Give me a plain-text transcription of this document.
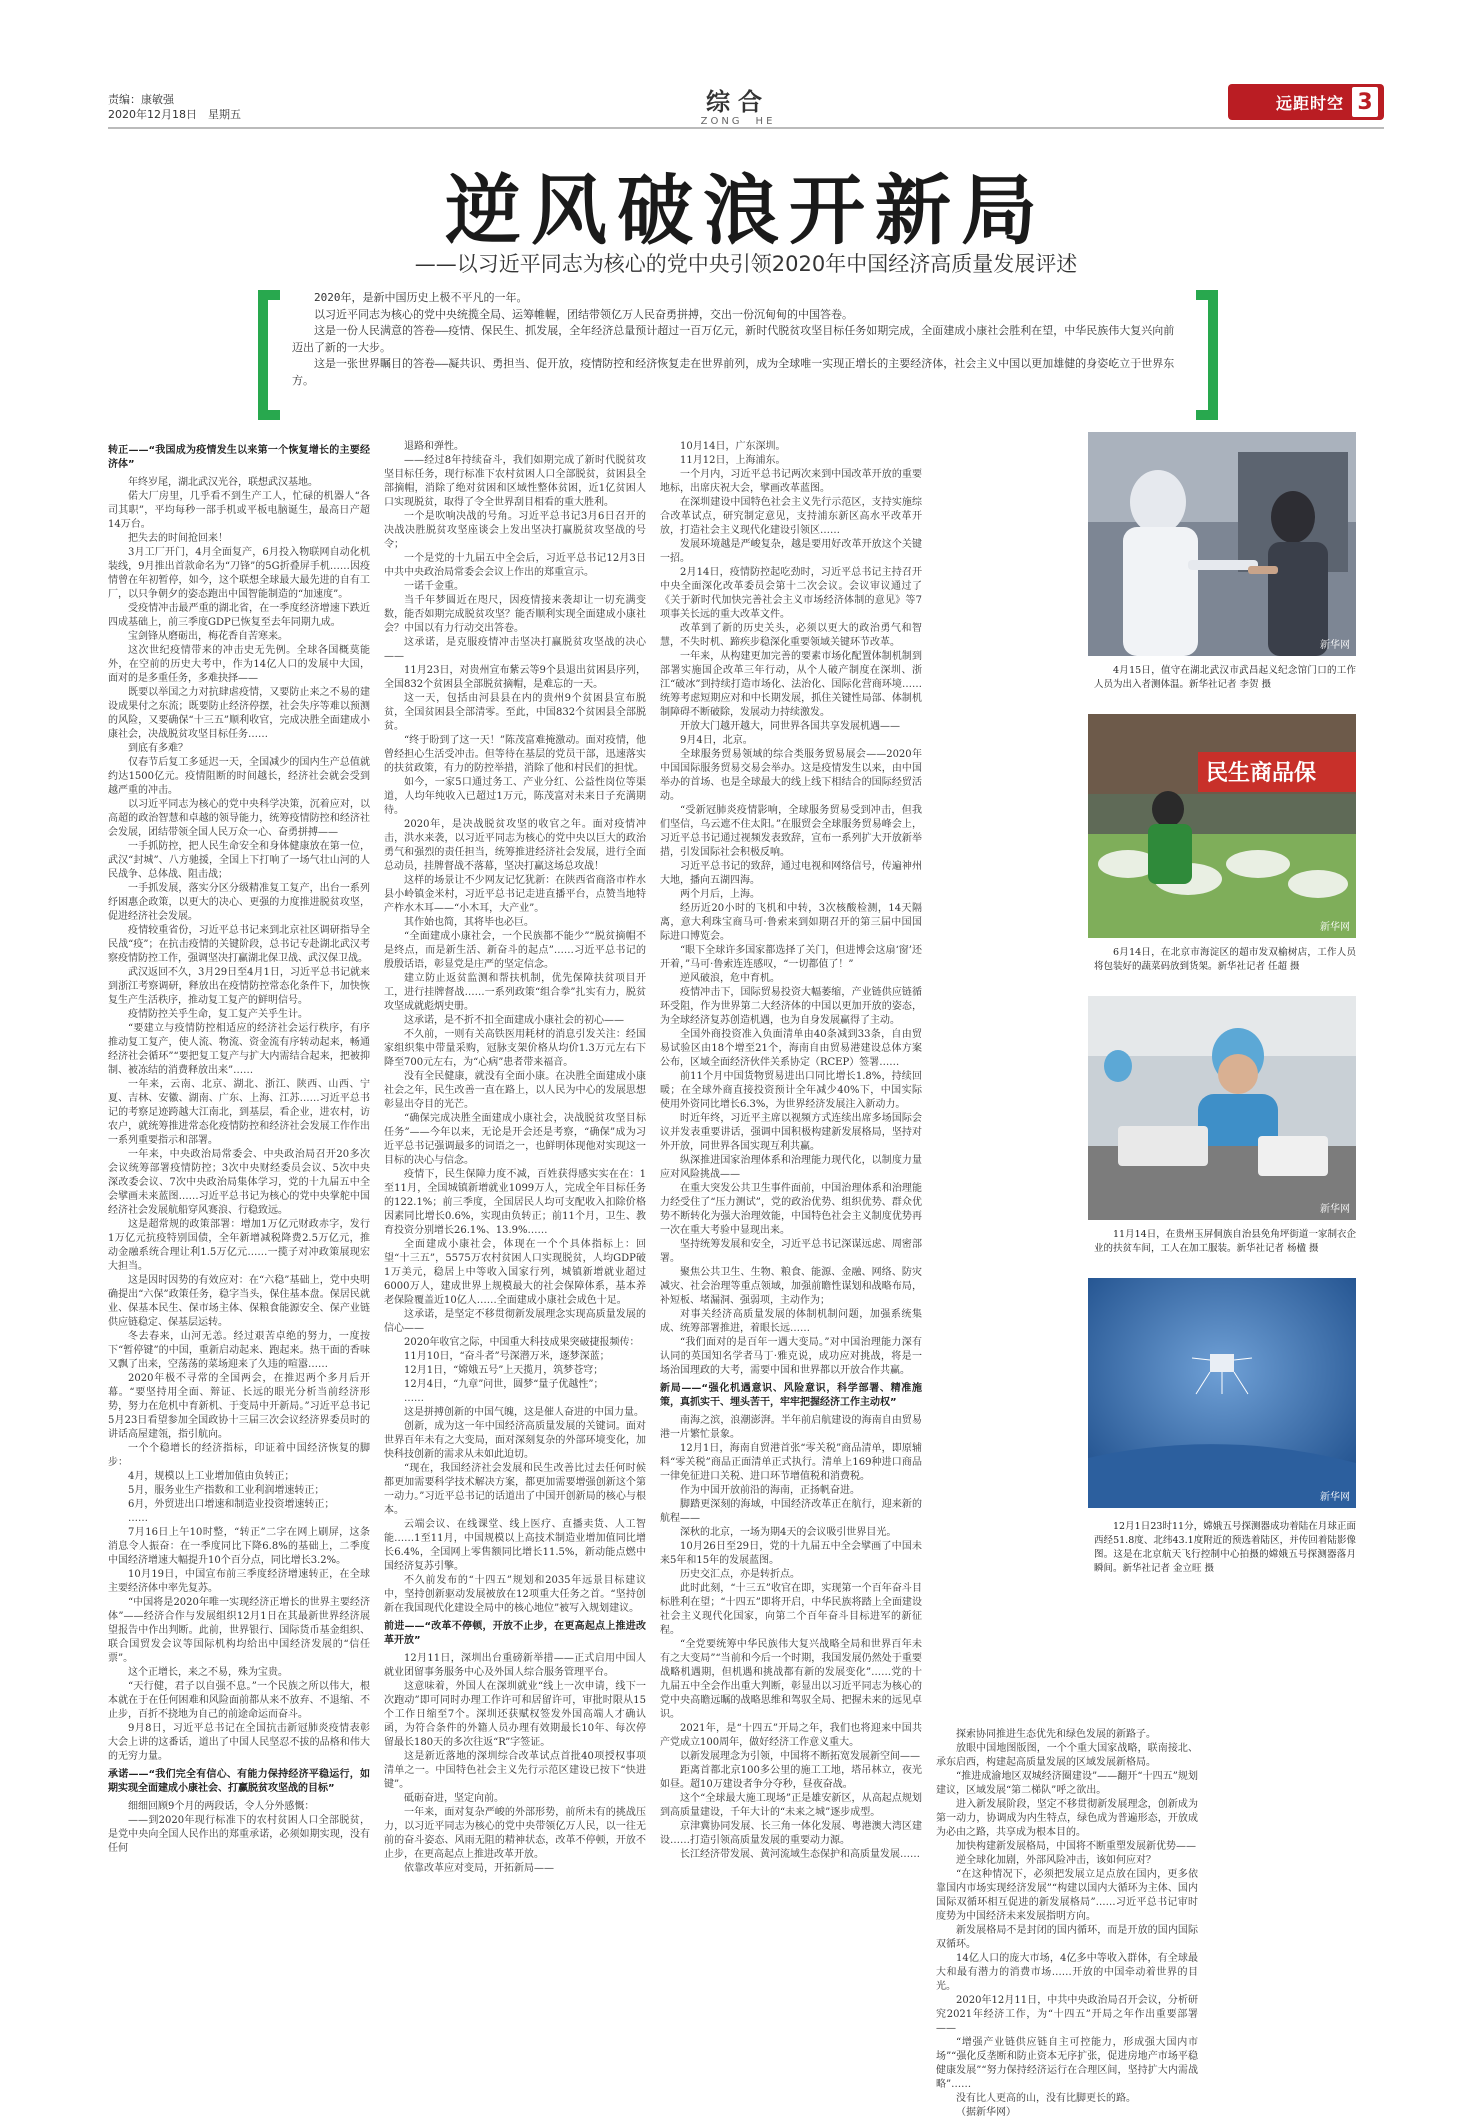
责编：康敏强
2020年12月18日　星期五	综合
ZONG　HE
远距时空 3
逆风破浪开新局
——以习近平同志为核心的党中央引领2020年中国经济高质量发展评述

2020年，是新中国历史上极不平凡的一年。

以习近平同志为核心的党中央统揽全局、运筹帷幄，团结带领亿万人民奋勇拼搏，交出一份沉甸甸的中国答卷。

这是一份人民满意的答卷——疫情、保民生、抓发展，全年经济总量预计超过一百万亿元，新时代脱贫攻坚目标任务如期完成，全面建成小康社会胜利在望，中华民族伟大复兴向前迈出了新的一大步。

这是一张世界瞩目的答卷——凝共识、勇担当、促开放，疫情防控和经济恢复走在世界前列，成为全球唯一实现正增长的主要经济体，社会主义中国以更加雄健的身姿屹立于世界东方。

转正——“我国成为疫情发生以来第一个恢复增长的主要经济体”

年终岁尾，湖北武汉光谷，联想武汉基地。

偌大厂房里，几乎看不到生产工人，忙碌的机器人“各司其职”，平均每秒一部手机或平板电脑诞生，最高日产超14万台。

把失去的时间抢回来！

3月工厂开门，4月全面复产，6月投入物联网自动化机装线，9月推出首款命名为“刀锋”的5G折叠屏手机……因疫情曾在年初暂停，如今，这个联想全球最大最先进的自有工厂，以只争朝夕的姿态跑出中国智能制造的“加速度”。

受疫情冲击最严重的湖北省，在一季度经济增速下跌近四成基础上，前三季度GDP已恢复至去年同期九成。

宝剑锋从磨砺出，梅花香自苦寒来。

这次世纪疫情带来的冲击史无先例。全球各国概莫能外，在空前的历史大考中，作为14亿人口的发展中大国，面对的是多重任务，多难抉择——

既要以举国之力对抗肆虐疫情，又要防止来之不易的建设成果付之东流；既要防止经济停摆，社会失序等难以预测的风险，又要确保“十三五”顺利收官，完成决胜全面建成小康社会，决战脱贫攻坚目标任务……

到底有多难？

仅春节后复工多延迟一天，全国减少的国内生产总值就约达1500亿元。疫情阻断的时间越长，经济社会就会受到越严重的冲击。

以习近平同志为核心的党中央科学决策，沉着应对，以高超的政治智慧和卓越的领导能力，统筹疫情防控和经济社会发展，团结带领全国人民万众一心、奋勇拼搏——

一手抓防控，把人民生命安全和身体健康放在第一位，武汉“封城”、八方驰援，全国上下打响了一场气壮山河的人民战争、总体战、阻击战；

一手抓发展，落实分区分级精准复工复产，出台一系列纾困惠企政策，以更大的决心、更强的力度推进脱贫攻坚，促进经济社会发展。

疫情较重省份，习近平总书记来到北京社区调研指导全民战“疫”；在抗击疫情的关键阶段，总书记专赴湖北武汉考察疫情防控工作，强调坚决打赢湖北保卫战、武汉保卫战。

武汉返回不久，3月29日至4月1日，习近平总书记就来到浙江考察调研，释放出在疫情防控常态化条件下，加快恢复生产生活秩序，推动复工复产的鲜明信号。

疫情防控关乎生命，复工复产关乎生计。

“要建立与疫情防控相适应的经济社会运行秩序，有序推动复工复产，使人流、物流、资金流有序转动起来，畅通经济社会循环”“要把复工复产与扩大内需结合起来，把被抑制、被冻结的消费释放出来”……

一年来，云南、北京、湖北、浙江、陕西、山西、宁夏、吉林、安徽、湖南、广东、上海、江苏……习近平总书记的考察足迹跨越大江南北，到基层，看企业，进农村，访农户，就统筹推进常态化疫情防控和经济社会发展工作作出一系列重要指示和部署。

一年来，中央政治局常委会、中央政治局召开20多次会议统筹部署疫情防控；3次中央财经委员会议、5次中央深改委会议、7次中央政治局集体学习，党的十九届五中全会擘画未来蓝图……习近平总书记为核心的党中央掌舵中国经济社会发展航船穿风赛浪、行稳致远。

这是超常规的政策部署：增加1万亿元财政赤字，发行1万亿元抗疫特别国债，全年新增减税降费2.5万亿元，推动金融系统合理让利1.5万亿元……一揽子对冲政策展现宏大担当。

这是因时因势的有效应对：在“六稳”基础上，党中央明确提出“六保”政策任务，稳字当头，保住基本盘。保居民就业、保基本民生、保市场主体、保粮食能源安全、保产业链供应链稳定、保基层运转。

冬去春来，山河无恙。经过艰苦卓绝的努力，一度按下“暂停键”的中国，重新启动起来、跑起来。热干面的香味又飘了出来，空荡荡的菜场迎来了久违的喧嚣……

2020年极不寻常的全国两会，在推迟两个多月后开幕。“要坚持用全面、辩证、长远的眼光分析当前经济形势，努力在危机中育新机、于变局中开新局。”习近平总书记5月23日看望参加全国政协十三届三次会议经济界委员时的讲话高屋建瓴，指引航向。

一个个稳增长的经济指标，印证着中国经济恢复的脚步：

4月，规模以上工业增加值由负转正；

5月，服务业生产指数和工业利润增速转正；

6月，外贸进出口增速和制造业投资增速转正；

……

7月16日上午10时整，“转正”二字在网上刷屏，这条消息令人振奋：在一季度同比下降6.8%的基础上，二季度中国经济增速大幅提升10个百分点，同比增长3.2%。

10月19日，中国宣布前三季度经济增速转正，在全球主要经济体中率先复苏。

“中国将是2020年唯一实现经济正增长的世界主要经济体”——经济合作与发展组织12月1日在其最新世界经济展望报告中作出判断。此前，世界银行、国际货币基金组织、联合国贸发会议等国际机构均给出中国经济发展的“信任票”。

这个正增长，来之不易，殊为宝贵。

“天行健，君子以自强不息。”一个民族之所以伟大，根本就在于在任何困难和风险面前都从来不放弃、不退缩、不止步，百折不挠地为自己的前途命运而奋斗。

9月8日，习近平总书记在全国抗击新冠肺炎疫情表彰大会上讲的这番话，道出了中国人民坚忍不拔的品格和伟大的无穷力量。

承诺——“我们完全有信心、有能力保持经济平稳运行，如期实现全面建成小康社会、打赢脱贫攻坚战的目标”

细细回顾9个月的两段话，令人分外感慨：

——到2020年现行标准下的农村贫困人口全部脱贫，是党中央向全国人民作出的郑重承诺，必须如期实现，没有任何

退路和弹性。

——经过8年持续奋斗，我们如期完成了新时代脱贫攻坚目标任务，现行标准下农村贫困人口全部脱贫，贫困县全部摘帽，消除了绝对贫困和区域性整体贫困，近1亿贫困人口实现脱贫，取得了令全世界刮目相看的重大胜利。

一个是吹响决战的号角。习近平总书记3月6日召开的决战决胜脱贫攻坚座谈会上发出坚决打赢脱贫攻坚战的号令；

一个是党的十九届五中全会后，习近平总书记12月3日中共中央政治局常委会会议上作出的郑重宣示。

一诺千金重。

当千年梦圆近在咫尺，因疫情接来袭却让一切充满变数，能否如期完成脱贫攻坚？能否顺利实现全面建成小康社会？中国以有力行动交出答卷。

这承诺，是克服疫情冲击坚决打赢脱贫攻坚战的决心——

11月23日，对贵州宣布紫云等9个县退出贫困县序列，全国832个贫困县全部脱贫摘帽，是难忘的一天。

这一天，包括由河县县在内的贵州9个贫困县宣布脱贫，全国贫困县全部清零。至此，中国832个贫困县全部脱贫。

“终于盼到了这一天！”陈茂富难掩激动。面对疫情，他曾经担心生活受冲击。但等待在基层的党员干部，迅速落实的扶贫政策，有力的防控举措，消除了他和村民们的担忧。

如今，一家5口通过务工、产业分红、公益性岗位等渠道，人均年纯收入已超过1万元，陈茂富对未来日子充满期待。

2020年，是决战脱贫攻坚的收官之年。面对疫情冲击，洪水来袭，以习近平同志为核心的党中央以巨大的政治勇气和强烈的责任担当，统筹推进经济社会发展，进行全面总动员，挂牌督战不落幕，坚决打赢这场总攻战！

这样的场景让不少网友记忆犹新：在陕西省商洛市柞水县小岭镇金米村，习近平总书记走进直播平台，点赞当地特产柞水木耳——“小木耳，大产业”。

其作始也简，其将毕也必巨。

“全面建成小康社会，一个民族都不能少”“脱贫摘帽不是终点，而是新生活、新奋斗的起点”……习近平总书记的殷殷话语，彰显党是庄严的坚定信念。

建立防止返贫监测和帮扶机制，优先保障扶贫项目开工，进行挂牌督战……一系列政策“组合拳”扎实有力，脱贫攻坚成就彪炳史册。

这承诺，是不折不扣全面建成小康社会的初心——

不久前，一则有关高铁医用耗材的消息引发关注：经国家组织集中带量采购，冠脉支架价格从均价1.3万元左右下降至700元左右，为“心病”患者带来福音。

没有全民健康，就没有全面小康。在决胜全面建成小康社会之年，民生改善一直在路上，以人民为中心的发展思想彰显出夺目的光芒。

“确保完成决胜全面建成小康社会，决战脱贫攻坚目标任务”——今年以来，无论是开会还是考察，“确保”成为习近平总书记强调最多的词语之一，也鲜明体现他对实现这一目标的决心与信念。

疫情下，民生保障力度不减，百姓获得感实实在在：1至11月，全国城镇新增就业1099万人，完成全年目标任务的122.1%；前三季度，全国居民人均可支配收入扣除价格因素同比增长0.6%，实现由负转正；前11个月，卫生、教育投资分别增长26.1%、13.9%……

全面建成小康社会，体现在一个个具体指标上：回望“十三五”，5575万农村贫困人口实现脱贫，人均GDP破1万美元，稳居上中等收入国家行列，城镇新增就业超过6000万人，建成世界上规模最大的社会保障体系，基本养老保险覆盖近10亿人……全面建成小康社会成色十足。

这承诺，是坚定不移贯彻新发展理念实现高质量发展的信心——

2020年收官之际，中国重大科技成果突破捷报频传：

11月10日，“奋斗者”号深潜万米，逐梦深蓝；

12月1日，“嫦娥五号”上天揽月，筑梦苍穹；

12月4日，“九章”问世，圆梦“量子优越性”；

……

这是拼搏创新的中国气魄，这是催人奋进的中国力量。

创新，成为这一年中国经济高质量发展的关键词。面对世界百年未有之大变局，面对深刻复杂的外部环境变化，加快科技创新的需求从未如此迫切。

“现在，我国经济社会发展和民生改善比过去任何时候都更加需要科学技术解决方案，都更加需要增强创新这个第一动力。”习近平总书记的话道出了中国开创新局的核心与根本。

云端会议、在线课堂、线上医疗、直播卖货、人工智能……1至11月，中国规模以上高技术制造业增加值同比增长6.4%，全国网上零售额同比增长11.5%，新动能点燃中国经济复苏引擎。

不久前发布的“十四五”规划和2035年远景目标建议中，坚持创新驱动发展被放在12项重大任务之首。“坚持创新在我国现代化建设全局中的核心地位”被写入规划建议。

前进——“改革不停顿，开放不止步，在更高起点上推进改革开放”

12月11日，深圳出台重磅新举措——正式启用中国人就业团留事务服务中心及外国人综合服务管理平台。

这意味着，外国人在深圳就业“线上一次申请，线下一次跑动”即可同时办理工作许可和居留许可，审批时限从15个工作日缩至7个。深圳还获赋权签发外国高端人才确认函，为符合条件的外籍人员办理有效期最长10年、每次停留最长180天的多次往返“R”字签证。

这是新近落地的深圳综合改革试点首批40项授权事项清单之一。中国特色社会主义先行示范区建设已按下“快进键”。

砥砺奋进，坚定向前。

一年来，面对复杂严峻的外部形势，前所未有的挑战压力，以习近平同志为核心的党中央带领亿万人民，以一往无前的奋斗姿态、风雨无阻的精神状态，改革不停顿，开放不止步，在更高起点上推进改革开放。

依靠改革应对变局，开拓新局——

10月14日，广东深圳。

11月12日，上海浦东。

一个月内，习近平总书记两次来到中国改革开放的重要地标，出席庆祝大会，擘画改革蓝图。

在深圳建设中国特色社会主义先行示范区，支持实施综合改革试点，研究制定意见，支持浦东新区高水平改革开放，打造社会主义现代化建设引领区……

发展环境越是严峻复杂，越是要用好改革开放这个关键一招。

2月14日，疫情防控起吃劲时，习近平总书记主持召开中央全面深化改革委员会第十二次会议。会议审议通过了《关于新时代加快完善社会主义市场经济体制的意见》等7项事关长远的重大改革文件。

改革到了新的历史关头，必须以更大的政治勇气和智慧，不失时机、蹄疾步稳深化重要领域关键环节改革。

一年来，从构建更加完善的要素市场化配置体制机制到部署实施国企改革三年行动，从个人破产制度在深圳、浙江“破冰”到持续打造市场化、法治化、国际化营商环境……统筹考虑短期应对和中长期发展，抓住关键性局部、体制机制障碍不断破除，发展动力持续激发。

开放大门越开越大，同世界各国共享发展机遇——

9月4日，北京。

全球服务贸易领域的综合类服务贸易展会——2020年中国国际服务贸易交易会举办。这是疫情发生以来，由中国举办的首场、也是全球最大的线上线下相结合的国际经贸活动。

“受新冠肺炎疫情影响，全球服务贸易受到冲击，但我们坚信，乌云遮不住太阳。”在服贸会全球服务贸易峰会上，习近平总书记通过视频发表致辞，宣布一系列扩大开放新举措，引发国际社会积极反响。

习近平总书记的致辞，通过电视和网络信号，传遍神州大地，播向五湖四海。

两个月后，上海。

经历近20小时的飞机和中转，3次核酸检测，14天隔离，意大利珠宝商马可·鲁索来到如期召开的第三届中国国际进口博览会。

“眼下全球许多国家都选择了关门，但进博会这扇‘窗’还开着，”马可·鲁索连连感叹，“一切都值了！”

逆风破浪，危中育机。

疫情冲击下，国际贸易投资大幅萎缩，产业链供应链循环受阻，作为世界第二大经济体的中国以更加开放的姿态，为全球经济复苏创造机遇，也为自身发展赢得了主动。

全国外商投资准入负面清单由40条减到33条，自由贸易试验区由18个增至21个，海南自由贸易港建设总体方案公布，区域全面经济伙伴关系协定（RCEP）签署……

前11个月中国货物贸易进出口同比增长1.8%，持续回暖；在全球外商直接投资预计全年减少40%下，中国实际使用外资同比增长6.3%，为世界经济发展注入新动力。

时近年终，习近平主席以视频方式连续出席多场国际会议并发表重要讲话，强调中国积极构建新发展格局，坚持对外开放，同世界各国实现互利共赢。

纵深推进国家治理体系和治理能力现代化，以制度力量应对风险挑战——

在重大突发公共卫生事件面前，中国治理体系和治理能力经受住了“压力测试”，党的政治优势、组织优势、群众优势不断转化为强大治理效能，中国特色社会主义制度优势再一次在重大考验中显现出来。

坚持统筹发展和安全，习近平总书记深谋远虑、周密部署。

聚焦公共卫生、生物、粮食、能源、金融、网络、防灾减灾、社会治理等重点领域，加强前瞻性谋划和战略布局，补短板、堵漏洞、强弱项，主动作为；

对事关经济高质量发展的体制机制问题，加强系统集成、统筹部署推进，着眼长远……

“我们面对的是百年一遇大变局。”对中国治理能力深有认同的英国知名学者马丁·雅克说，成功应对挑战，将是一场治国理政的大考，需要中国和世界都以开放合作共赢。

新局——“强化机遇意识、风险意识，科学部署、精准施策，真抓实干、埋头苦干，牢牢把握经济工作主动权”

南海之滨，浪潮澎湃。半年前启航建设的海南自由贸易港一片繁忙景象。

12月1日，海南自贸港首张“零关税”商品清单，即原辅料“零关税”商品正面清单正式执行。清单上169种进口商品一律免征进口关税、进口环节增值税和消费税。

作为中国开放前沿的海南，正扬帆奋进。

脚踏更深刻的海域，中国经济改革正在航行，迎来新的航程——

深秋的北京，一场为期4天的会议吸引世界目光。

10月26日至29日，党的十九届五中全会擘画了中国未来5年和15年的发展蓝图。

历史交汇点，亦是转折点。

此时此刻，“十三五”收官在即，实现第一个百年奋斗目标胜利在望；“十四五”即将开启，中华民族将踏上全面建设社会主义现代化国家，向第二个百年奋斗目标进军的新征程。

“全党要统筹中华民族伟大复兴战略全局和世界百年未有之大变局”“当前和今后一个时期，我国发展仍然处于重要战略机遇期，但机遇和挑战都有新的发展变化”……党的十九届五中全会作出重大判断，彰显出以习近平同志为核心的党中央高瞻远瞩的战略思维和驾驭全局、把握未来的远见卓识。

2021年，是“十四五”开局之年，我们也将迎来中国共产党成立100周年，做好经济工作意义重大。

以新发展理念为引领，中国将不断拓宽发展新空间——

距离首都北京100多公里的施工工地，塔吊林立，夜光如昼。超10万建设者争分夺秒，昼夜奋战。

这个“全球最大施工现场”正是雄安新区，从高起点规划到高质量建设，千年大计的“未来之城”逐步成型。

京津冀协同发展、长三角一体化发展、粤港澳大湾区建设……打造引领高质量发展的重要动力源。

长江经济带发展、黄河流域生态保护和高质量发展……

探索协同推进生态优先和绿色发展的新路子。

放眼中国地图版图，一个个重大国家战略，联南接北、承东启西，构建起高质量发展的区域发展新格局。

“推进成渝地区双城经济圈建设”——翻开“十四五”规划建议，区域发展“第二梯队”呼之欲出。

进入新发展阶段，坚定不移贯彻新发展理念，创新成为第一动力，协调成为内生特点，绿色成为普遍形态，开放成为必由之路，共享成为根本目的。

加快构建新发展格局，中国将不断重塑发展新优势——

逆全球化加剧，外部风险冲击，该如何应对？

“在这种情况下，必须把发展立足点放在国内，更多依靠国内市场实现经济发展”“构建以国内大循环为主体、国内国际双循环相互促进的新发展格局”……习近平总书记审时度势为中国经济未来发展指明方向。

新发展格局不是封闭的国内循环，而是开放的国内国际双循环。

14亿人口的庞大市场，4亿多中等收入群体，有全球最大和最有潜力的消费市场……开放的中国牵动着世界的目光。

2020年12月11日，中共中央政治局召开会议，分析研究2021年经济工作，为“十四五”开局之年作出重要部署——

“增强产业链供应链自主可控能力，形成强大国内市场”“强化反垄断和防止资本无序扩张，促进房地产市场平稳健康发展”“努力保持经济运行在合理区间，坚持扩大内需战略”……

没有比人更高的山，没有比脚更长的路。

（据新华网）

新华网
4月15日，值守在湖北武汉市武昌起义纪念馆门口的工作人员为出入者测体温。新华社记者 李贺 摄
民生商品保
新华网
6月14日，在北京市海淀区的超市发双榆树店，工作人员将包装好的蔬菜码放到货架。新华社记者 任超 摄
新华网
11月14日，在贵州玉屏侗族自治县免角坪街道一家制衣企业的扶贫车间，工人在加工服装。新华社记者 杨楹 摄
新华网
12月1日23时11分，嫦娥五号探测器成功着陆在月球正面西经51.8度、北纬43.1度附近的预选着陆区，并传回着陆影像图。这是在北京航天飞行控制中心拍摄的嫦娥五号探测器落月瞬间。新华社记者 金立旺 摄
